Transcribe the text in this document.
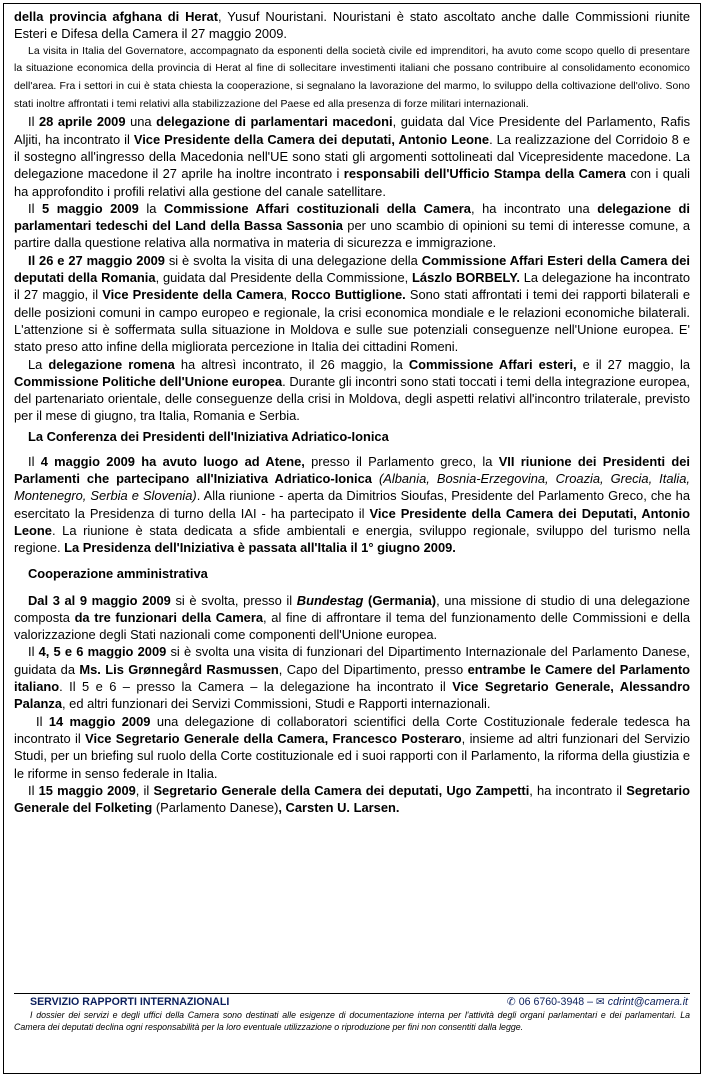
della provincia afghana di Herat, Yusuf Nouristani. Nouristani è stato ascoltato anche dalle Commissioni riunite Esteri e Difesa della Camera il 27 maggio 2009.

La visita in Italia del Governatore, accompagnato da esponenti della società civile ed imprenditori, ha avuto come scopo quello di presentare la situazione economica della provincia di Herat al fine di sollecitare investimenti italiani che possano contribuire al consolidamento economico dell'area. Fra i settori in cui è stata chiesta la cooperazione, si segnalano la lavorazione del marmo, lo sviluppo della coltivazione dell'olivo. Sono stati inoltre affrontati i temi relativi alla stabilizzazione del Paese ed alla presenza di forze militari internazionali.

Il 28 aprile 2009 una delegazione di parlamentari macedoni, guidata dal Vice Presidente del Parlamento, Rafis Aljiti, ha incontrato il Vice Presidente della Camera dei deputati, Antonio Leone. La realizzazione del Corridoio 8 e il sostegno all'ingresso della Macedonia nell'UE sono stati gli argomenti sottolineati dal Vicepresidente macedone. La delegazione macedone il 27 aprile ha inoltre incontrato i responsabili dell'Ufficio Stampa della Camera con i quali ha approfondito i profili relativi alla gestione del canale satellitare.

Il 5 maggio 2009 la Commissione Affari costituzionali della Camera, ha incontrato una delegazione di parlamentari tedeschi del Land della Bassa Sassonia per uno scambio di opinioni su temi di interesse comune, a partire dalla questione relativa alla normativa in materia di sicurezza e immigrazione.

Il 26 e 27 maggio 2009 si è svolta la visita di una delegazione della Commissione Affari Esteri della Camera dei deputati della Romania, guidata dal Presidente della Commissione, Lászlo BORBELY. La delegazione ha incontrato il 27 maggio, il Vice Presidente della Camera, Rocco Buttiglione. Sono stati affrontati i temi dei rapporti bilaterali e delle posizioni comuni in campo europeo e regionale, la crisi economica mondiale e le relazioni economiche bilaterali. L'attenzione si è soffermata sulla situazione in Moldova e sulle sue potenziali conseguenze nell'Unione europea. E' stato preso atto infine della migliorata percezione in Italia dei cittadini Romeni.

La delegazione romena ha altresì incontrato, il 26 maggio, la Commissione Affari esteri, e il 27 maggio, la Commissione Politiche dell'Unione europea. Durante gli incontri sono stati toccati i temi della integrazione europea, del partenariato orientale, delle conseguenze della crisi in Moldova, degli aspetti relativi all'incontro trilaterale, previsto per il mese di giugno, tra Italia, Romania e Serbia.

La Conferenza dei Presidenti dell'Iniziativa Adriatico-Ionica

Il 4 maggio 2009 ha avuto luogo ad Atene, presso il Parlamento greco, la VII riunione dei Presidenti dei Parlamenti che partecipano all'Iniziativa Adriatico-Ionica (Albania, Bosnia-Erzegovina, Croazia, Grecia, Italia, Montenegro, Serbia e Slovenia). Alla riunione - aperta da Dimitrios Sioufas, Presidente del Parlamento Greco, che ha esercitato la Presidenza di turno della IAI - ha partecipato il Vice Presidente della Camera dei Deputati, Antonio Leone. La riunione è stata dedicata a sfide ambientali e energia, sviluppo regionale, sviluppo del turismo nella regione. La Presidenza dell'Iniziativa è passata all'Italia il 1° giugno 2009.

Cooperazione amministrativa

Dal 3 al 9 maggio 2009 si è svolta, presso il Bundestag (Germania), una missione di studio di una delegazione composta da tre funzionari della Camera, al fine di affrontare il tema del funzionamento delle Commissioni e della valorizzazione degli Stati nazionali come componenti dell'Unione europea.

Il 4, 5 e 6 maggio 2009 si è svolta una visita di funzionari del Dipartimento Internazionale del Parlamento Danese, guidata da Ms. Lis Grønnegård Rasmussen, Capo del Dipartimento, presso entrambe le Camere del Parlamento italiano. Il 5 e 6 – presso la Camera – la delegazione ha incontrato il Vice Segretario Generale, Alessandro Palanza, ed altri funzionari dei Servizi Commissioni, Studi e Rapporti internazionali.

Il 14 maggio 2009 una delegazione di collaboratori scientifici della Corte Costituzionale federale tedesca ha incontrato il Vice Segretario Generale della Camera, Francesco Posteraro, insieme ad altri funzionari del Servizio Studi, per un briefing sul ruolo della Corte costituzionale ed i suoi rapporti con il Parlamento, la riforma della giustizia e le riforme in senso federale in Italia.

Il 15 maggio 2009, il Segretario Generale della Camera dei deputati, Ugo Zampetti, ha incontrato il Segretario Generale del Folketing (Parlamento Danese), Carsten U. Larsen.

SERVIZIO RAPPORTI INTERNAZIONALI	✆ 06 6760-3948 – ✉ cdrint@camera.it
I dossier dei servizi e degli uffici della Camera sono destinati alle esigenze di documentazione interna per l'attività degli organi parlamentari e dei parlamentari. La Camera dei deputati declina ogni responsabilità per la loro eventuale utilizzazione o riproduzione per fini non consentiti dalla legge.
